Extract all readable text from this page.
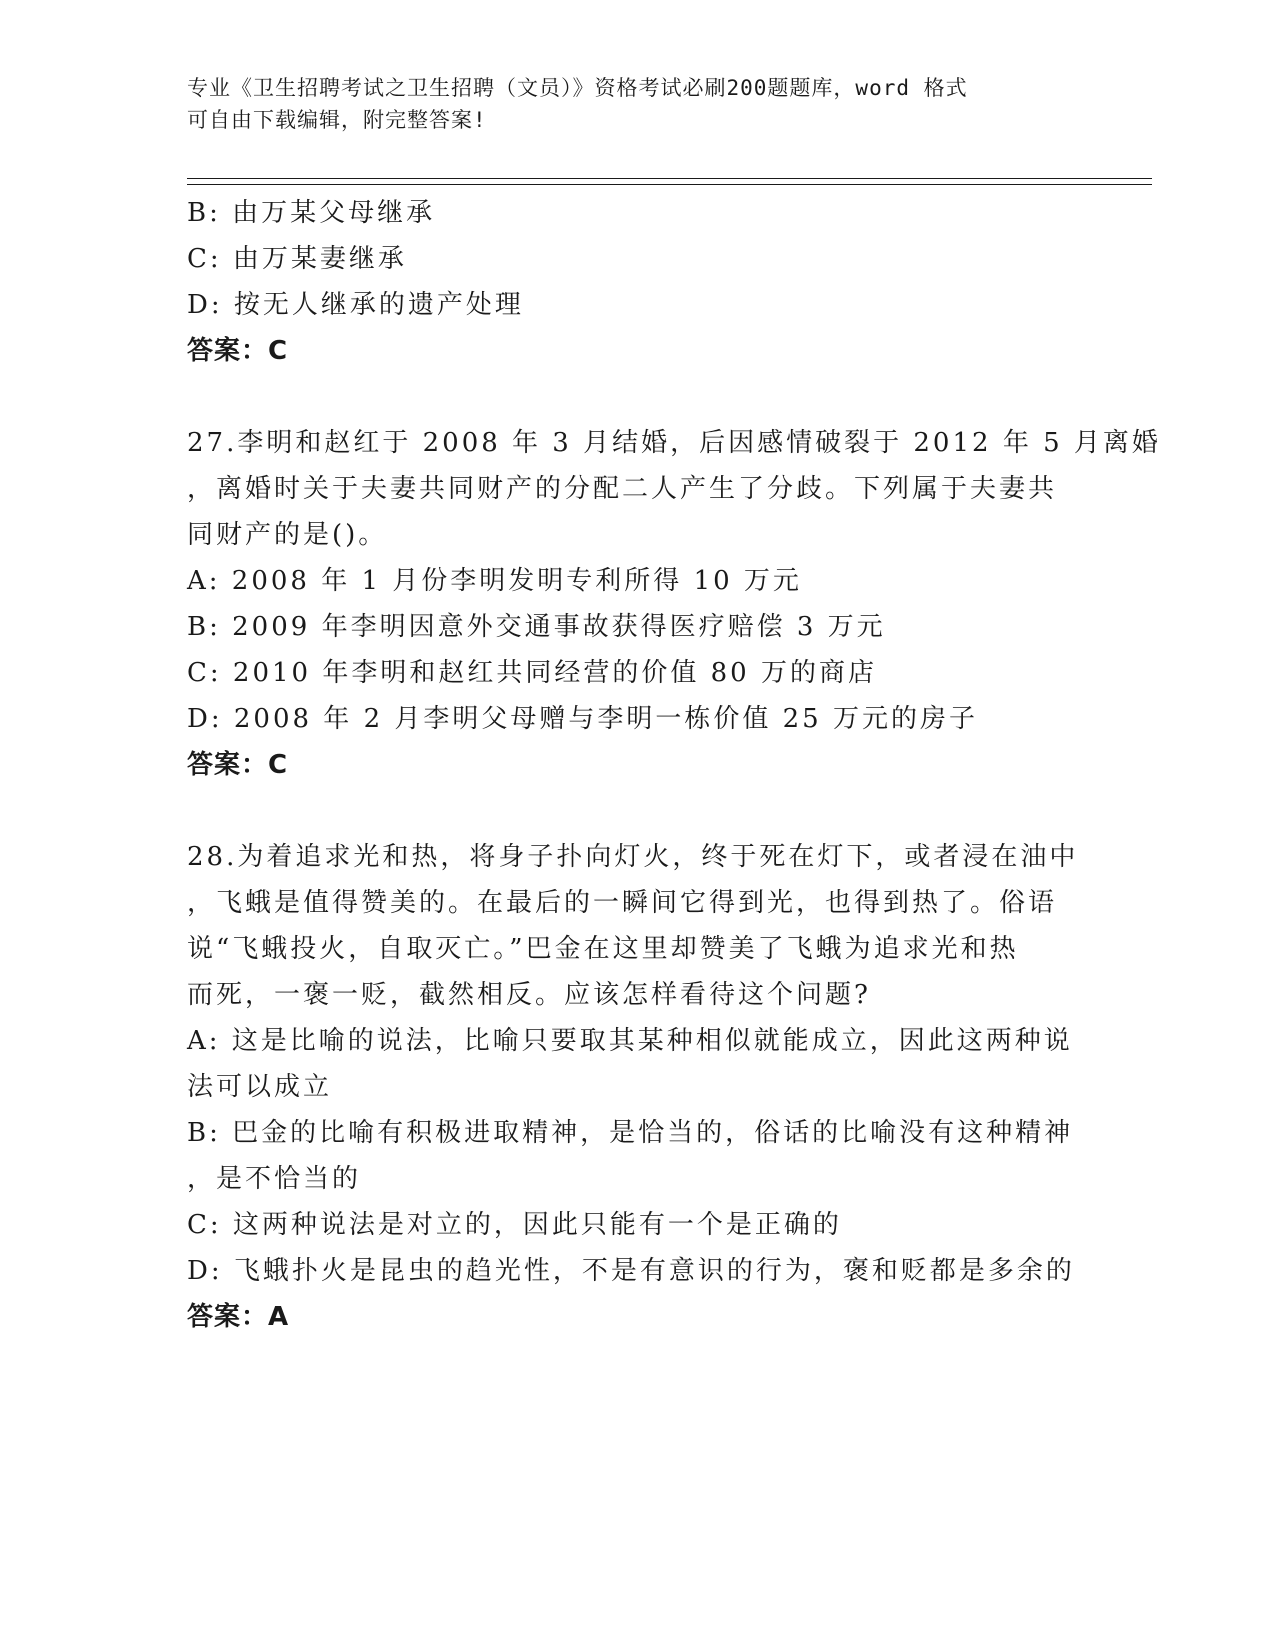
专业《卫生招聘考试之卫生招聘（文员）》资格考试必刷200题题库，word 格式
可自由下载编辑，附完整答案!
B: 由万某父母继承
C: 由万某妻继承
D: 按无人继承的遗产处理
答案：C
27.李明和赵红于 2008 年 3 月结婚，后因感情破裂于 2012 年 5 月离婚
，离婚时关于夫妻共同财产的分配二人产生了分歧。下列属于夫妻共
同财产的是()。
A: 2008 年 1 月份李明发明专利所得 10 万元
B: 2009 年李明因意外交通事故获得医疗赔偿 3 万元
C: 2010 年李明和赵红共同经营的价值 80 万的商店
D: 2008 年 2 月李明父母赠与李明一栋价值 25 万元的房子
答案：C
28.为着追求光和热，将身子扑向灯火，终于死在灯下，或者浸在油中
，飞蛾是值得赞美的。在最后的一瞬间它得到光，也得到热了。俗语
说“飞蛾投火，自取灭亡。”巴金在这里却赞美了飞蛾为追求光和热
而死，一褒一贬，截然相反。应该怎样看待这个问题?
A: 这是比喻的说法，比喻只要取其某种相似就能成立，因此这两种说
法可以成立
B: 巴金的比喻有积极进取精神，是恰当的，俗话的比喻没有这种精神
，是不恰当的
C: 这两种说法是对立的，因此只能有一个是正确的
D: 飞蛾扑火是昆虫的趋光性，不是有意识的行为，褒和贬都是多余的
答案：A
